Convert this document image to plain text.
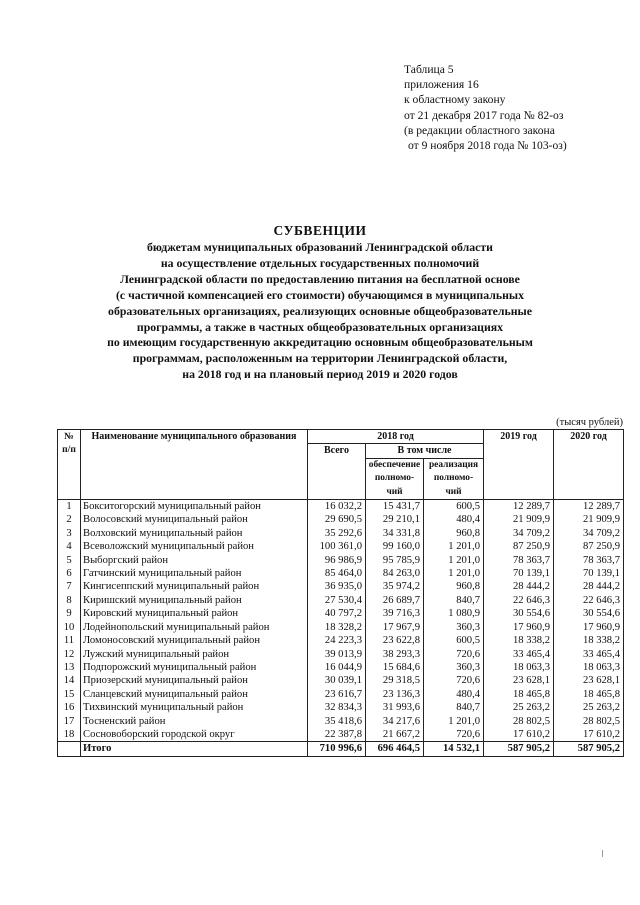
Таблица 5
приложения 16
к областному закону
от 21 декабря 2017 года № 82-оз
(в редакции областного закона
от 9 ноября 2018 года № 103-оз)
СУБВЕНЦИИ
бюджетам муниципальных образований Ленинградской области
на осуществление отдельных государственных полномочий
Ленинградской области по предоставлению питания на бесплатной основе
(с частичной компенсацией его стоимости) обучающимся в муниципальных
образовательных организациях, реализующих основные общеобразовательные
программы, а также в частных общеобразовательных организациях
по имеющим государственную аккредитацию основным общеобразовательным
программам, расположенным на территории Ленинградской области,
на 2018 год и на плановый период 2019 и 2020 годов
(тысяч рублей)
№ п/п	Наименование муниципального образования	2018 год			2019 год	2020 год
		Всего	В том числе			
			обеспечение полномо-чий	реализация полномо-чий		
1	Бокситогорский муниципальный район	16 032,2	15 431,7	600,5	12 289,7	12 289,7
2	Волосовский муниципальный район	29 690,5	29 210,1	480,4	21 909,9	21 909,9
3	Волховский муниципальный район	35 292,6	34 331,8	960,8	34 709,2	34 709,2
4	Всеволожский муниципальный район	100 361,0	99 160,0	1 201,0	87 250,9	87 250,9
5	Выборгский район	96 986,9	95 785,9	1 201,0	78 363,7	78 363,7
6	Гатчинский муниципальный район	85 464,0	84 263,0	1 201,0	70 139,1	70 139,1
7	Кингисеппский муниципальный район	36 935,0	35 974,2	960,8	28 444,2	28 444,2
8	Киришский муниципальный район	27 530,4	26 689,7	840,7	22 646,3	22 646,3
9	Кировский муниципальный район	40 797,2	39 716,3	1 080,9	30 554,6	30 554,6
10	Лодейнопольский муниципальный район	18 328,2	17 967,9	360,3	17 960,9	17 960,9
11	Ломоносовский муниципальный район	24 223,3	23 622,8	600,5	18 338,2	18 338,2
12	Лужский муниципальный район	39 013,9	38 293,3	720,6	33 465,4	33 465,4
13	Подпорожский муниципальный район	16 044,9	15 684,6	360,3	18 063,3	18 063,3
14	Приозерский муниципальный район	30 039,1	29 318,5	720,6	23 628,1	23 628,1
15	Сланцевский муниципальный район	23 616,7	23 136,3	480,4	18 465,8	18 465,8
16	Тихвинский муниципальный район	32 834,3	31 993,6	840,7	25 263,2	25 263,2
17	Тосненский район	35 418,6	34 217,6	1 201,0	28 802,5	28 802,5
18	Сосновоборский городской округ	22 387,8	21 667,2	720,6	17 610,2	17 610,2
	Итого	710 996,6	696 464,5	14 532,1	587 905,2	587 905,2
